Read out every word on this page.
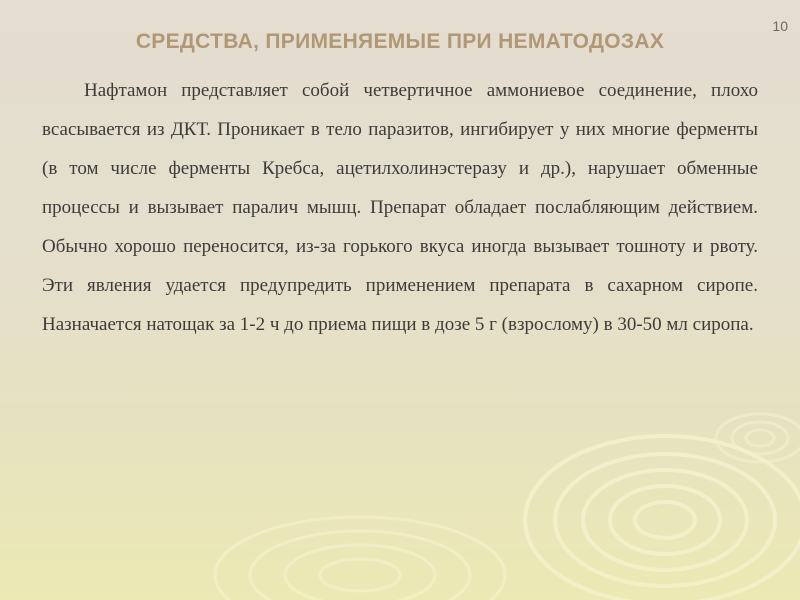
10
СРЕДСТВА, ПРИМЕНЯЕМЫЕ ПРИ НЕМАТОДОЗАХ

Нафтамон представляет собой четвертичное аммониевое соединение, плохо всасывается из ДКТ. Проникает в тело паразитов, ингибирует у них многие ферменты (в том числе ферменты Кребса, ацетилхолинэстеразу и др.), нарушает обменные процессы и вызывает паралич мышц. Препарат обладает послабляющим действием. Обычно хорошо переносится, из-за горького вкуса иногда вызывает тошноту и рвоту. Эти явления удается предупредить применением препарата в сахарном сиропе. Назначается натощак за 1-2 ч до приема пищи в дозе 5 г (взрослому) в 30-50 мл сиропа.
